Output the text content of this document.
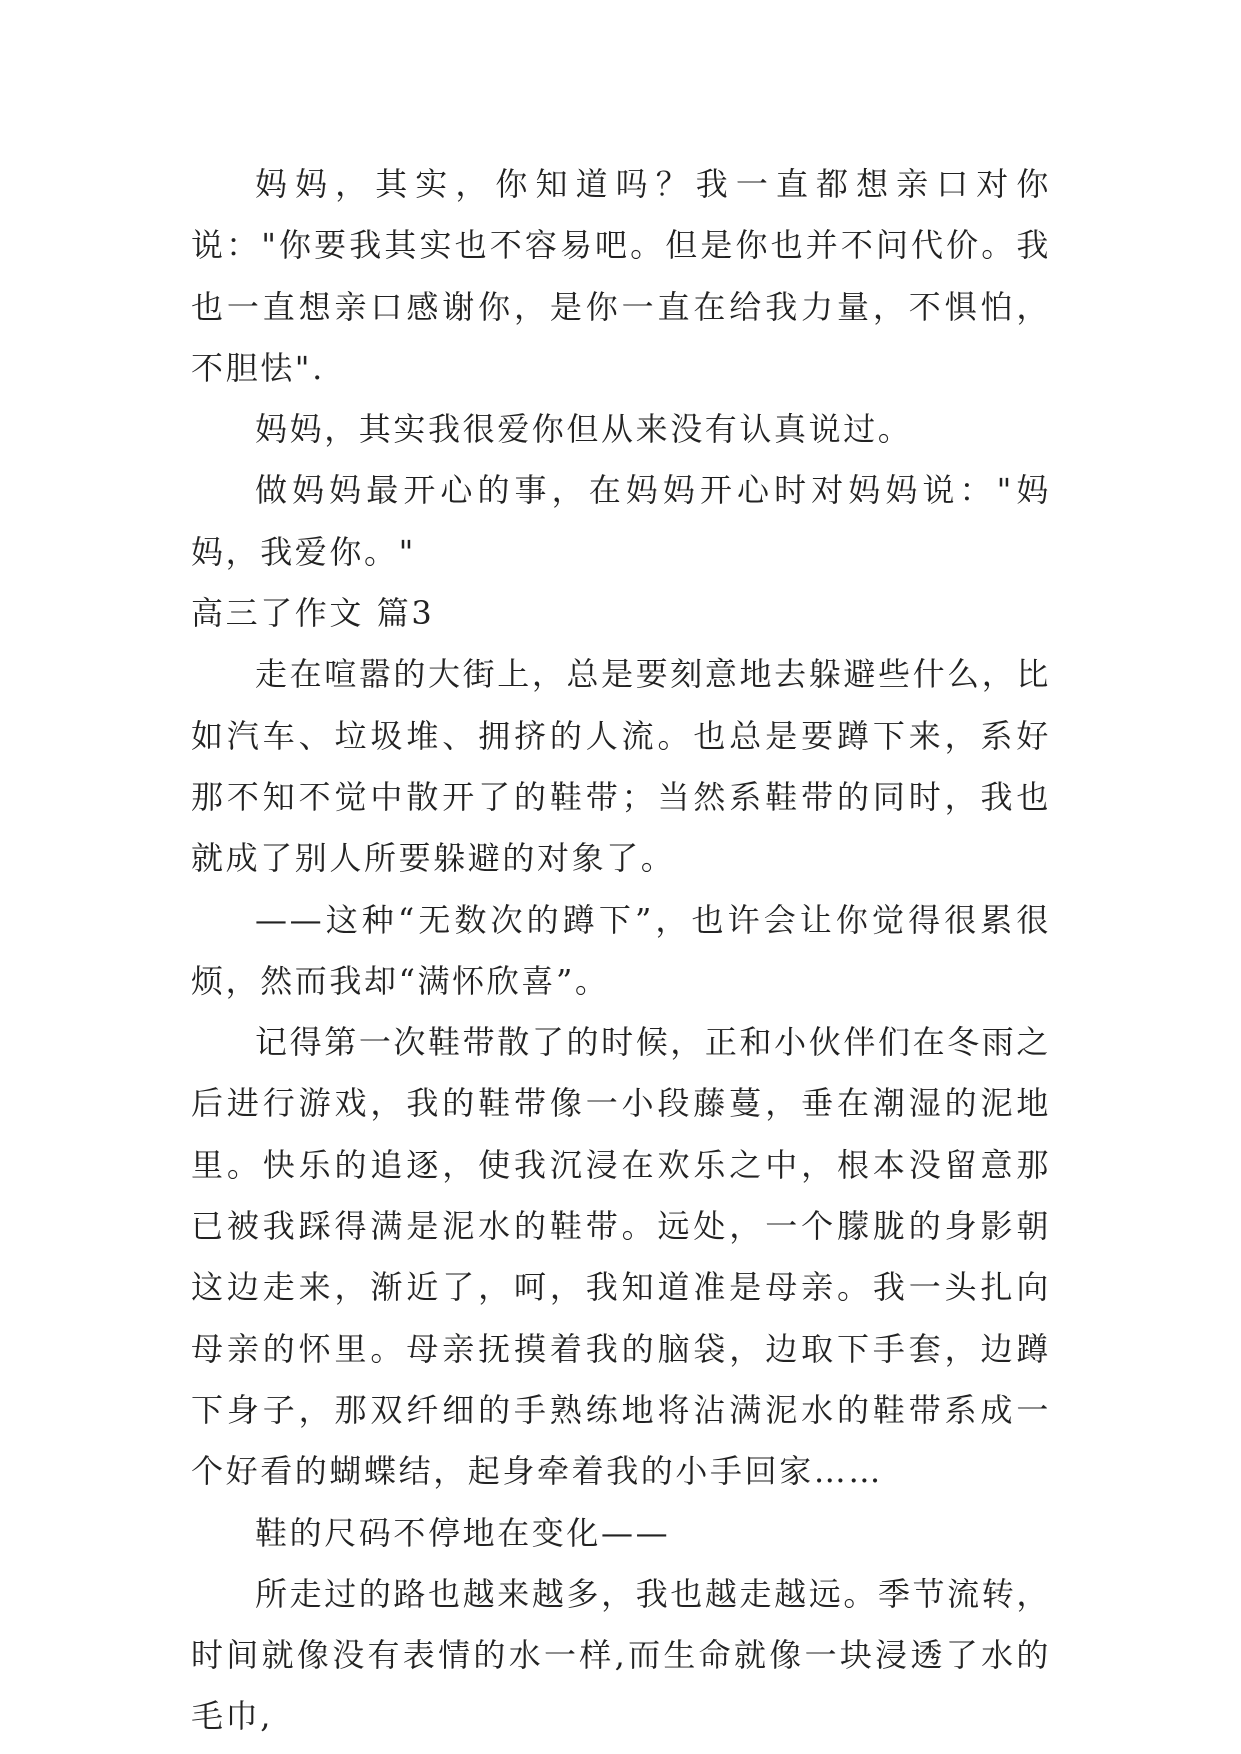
妈妈，其实，你知道吗？我一直都想亲口对你说："你要我其实也不容易吧。但是你也并不问代价。我也一直想亲口感谢你，是你一直在给我力量，不惧怕，不胆怯".

妈妈，其实我很爱你但从来没有认真说过。

做妈妈最开心的事，在妈妈开心时对妈妈说："妈妈，我爱你。"

高三了作文 篇3

走在喧嚣的大街上，总是要刻意地去躲避些什么，比如汽车、垃圾堆、拥挤的人流。也总是要蹲下来，系好那不知不觉中散开了的鞋带；当然系鞋带的同时，我也就成了别人所要躲避的对象了。

——这种“无数次的蹲下”，也许会让你觉得很累很烦，然而我却“满怀欣喜”。

记得第一次鞋带散了的时候，正和小伙伴们在冬雨之后进行游戏，我的鞋带像一小段藤蔓，垂在潮湿的泥地里。快乐的追逐，使我沉浸在欢乐之中，根本没留意那已被我踩得满是泥水的鞋带。远处，一个朦胧的身影朝这边走来，渐近了，呵，我知道准是母亲。我一头扎向母亲的怀里。母亲抚摸着我的脑袋，边取下手套，边蹲下身子，那双纤细的手熟练地将沾满泥水的鞋带系成一个好看的蝴蝶结，起身牵着我的小手回家……

鞋的尺码不停地在变化——

所走过的路也越来越多，我也越走越远。季节流转，时间就像没有表情的水一样,而生命就像一块浸透了水的毛巾,
